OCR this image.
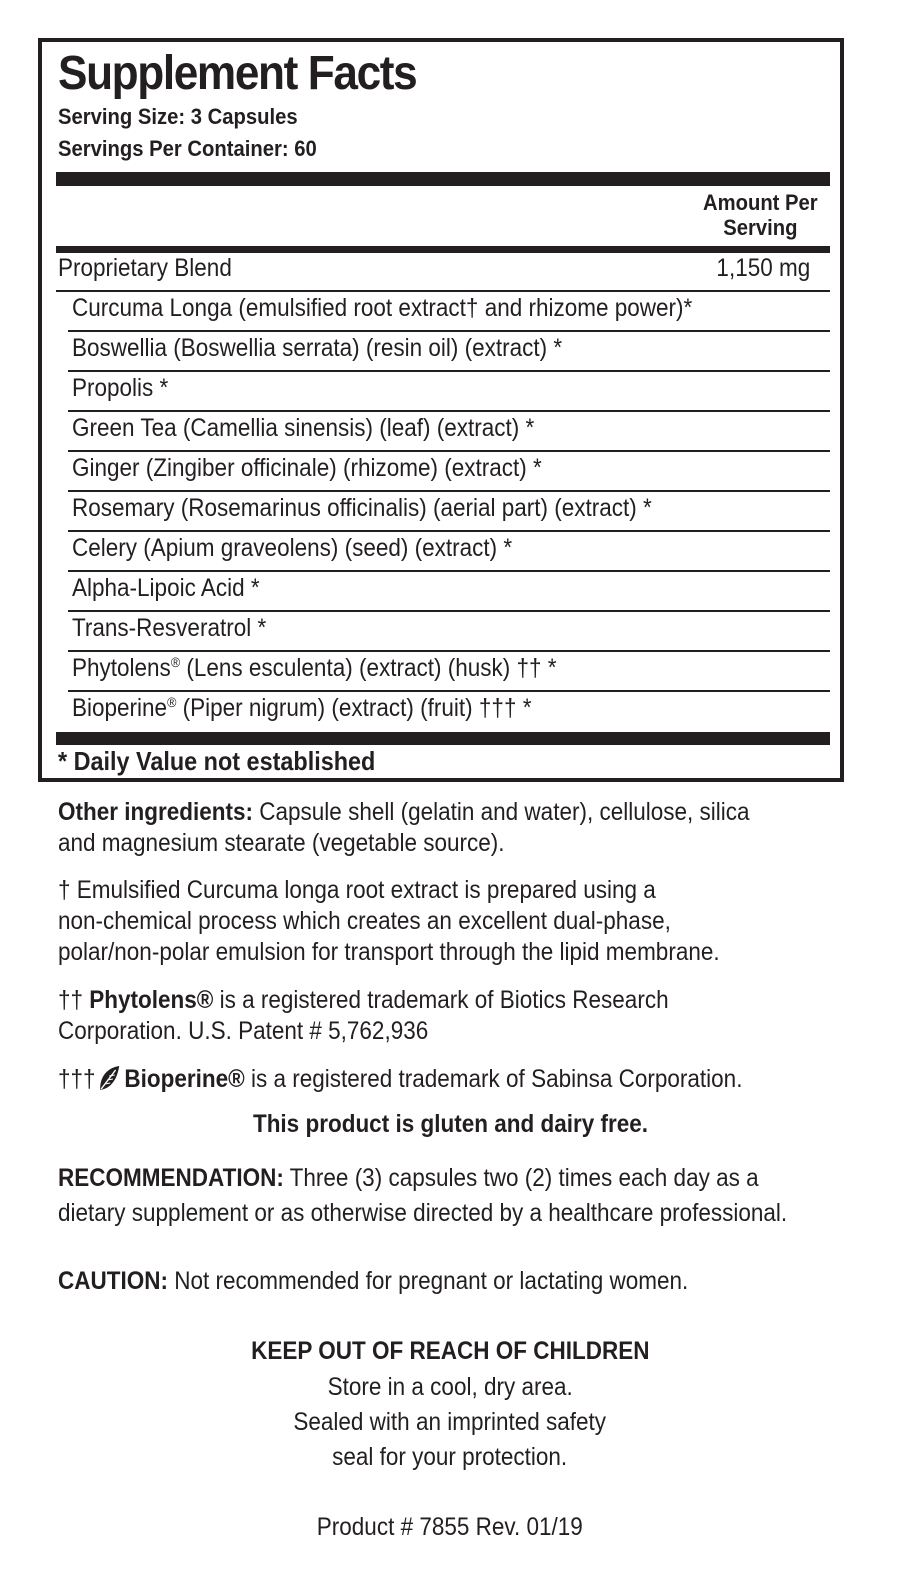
Supplement Facts
Serving Size: 3 Capsules
Servings Per Container: 60
Amount Per
Serving
Proprietary Blend	1,150 mg
Curcuma Longa (emulsified root extract† and rhizome power)*
Boswellia (Boswellia serrata) (resin oil) (extract) *
Propolis *
Green Tea (Camellia sinensis) (leaf) (extract) *
Ginger (Zingiber officinale) (rhizome) (extract) *
Rosemary (Rosemarinus officinalis) (aerial part) (extract) *
Celery (Apium graveolens) (seed) (extract) *
Alpha-Lipoic Acid *
Trans-Resveratrol *
Phytolens® (Lens esculenta) (extract) (husk) †† *
Bioperine® (Piper nigrum) (extract) (fruit) ††† *
* Daily Value not established
Other ingredients: Capsule shell (gelatin and water), cellulose, silica
and magnesium stearate (vegetable source).
† Emulsified Curcuma longa root extract is prepared using a
non-chemical process which creates an excellent dual-phase,
polar/non-polar emulsion for transport through the lipid membrane.
†† Phytolens® is a registered trademark of Biotics Research
Corporation. U.S. Patent # 5,762,936
††† Bioperine® is a registered trademark of Sabinsa Corporation.
This product is gluten and dairy free.
RECOMMENDATION: Three (3) capsules two (2) times each day as a
dietary supplement or as otherwise directed by a healthcare professional.
CAUTION: Not recommended for pregnant or lactating women.
KEEP OUT OF REACH OF CHILDREN
Store in a cool, dry area.
Sealed with an imprinted safety
seal for your protection.
Product # 7855 Rev. 01/19
